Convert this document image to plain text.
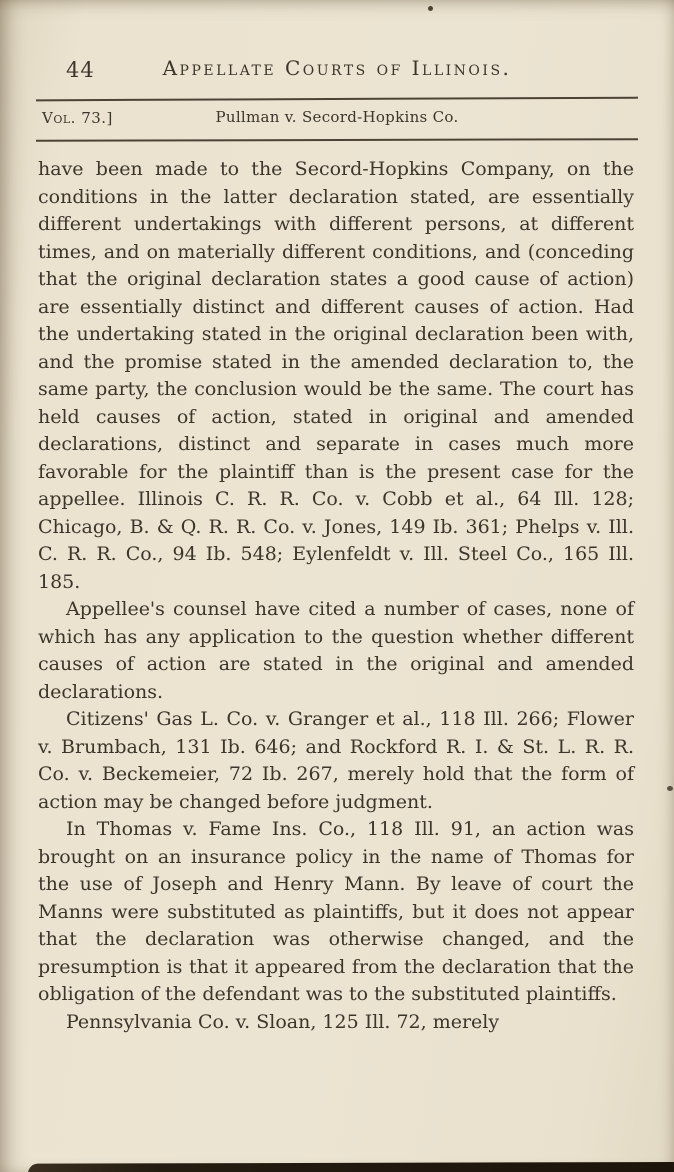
44	Appellate Courts of Illinois.
Vol. 73.]	Pullman v. Secord-Hopkins Co.

have been made to the Secord-Hopkins Company, on the conditions in the latter declaration stated, are essentially different undertakings with different persons, at different times, and on materially different conditions, and (conceding that the original declaration states a good cause of action) are essentially distinct and different causes of action. Had the undertaking stated in the original declaration been with, and the promise stated in the amended declaration to, the same party, the conclusion would be the same. The court has held causes of action, stated in original and amended declarations, distinct and separate in cases much more favorable for the plaintiff than is the present case for the appellee. Illinois C. R. R. Co. v. Cobb et al., 64 Ill. 128; Chicago, B. & Q. R. R. Co. v. Jones, 149 Ib. 361; Phelps v. Ill. C. R. R. Co., 94 Ib. 548; Eylenfeldt v. Ill. Steel Co., 165 Ill. 185.

Appellee's counsel have cited a number of cases, none of which has any application to the question whether different causes of action are stated in the original and amended declarations.

Citizens' Gas L. Co. v. Granger et al., 118 Ill. 266; Flower v. Brumbach, 131 Ib. 646; and Rockford R. I. & St. L. R. R. Co. v. Beckemeier, 72 Ib. 267, merely hold that the form of action may be changed before judgment.

In Thomas v. Fame Ins. Co., 118 Ill. 91, an action was brought on an insurance policy in the name of Thomas for the use of Joseph and Henry Mann. By leave of court the Manns were substituted as plaintiffs, but it does not appear that the declaration was otherwise changed, and the presumption is that it appeared from the declaration that the obligation of the defendant was to the substituted plaintiffs.

Pennsylvania Co. v. Sloan, 125 Ill. 72, merely
